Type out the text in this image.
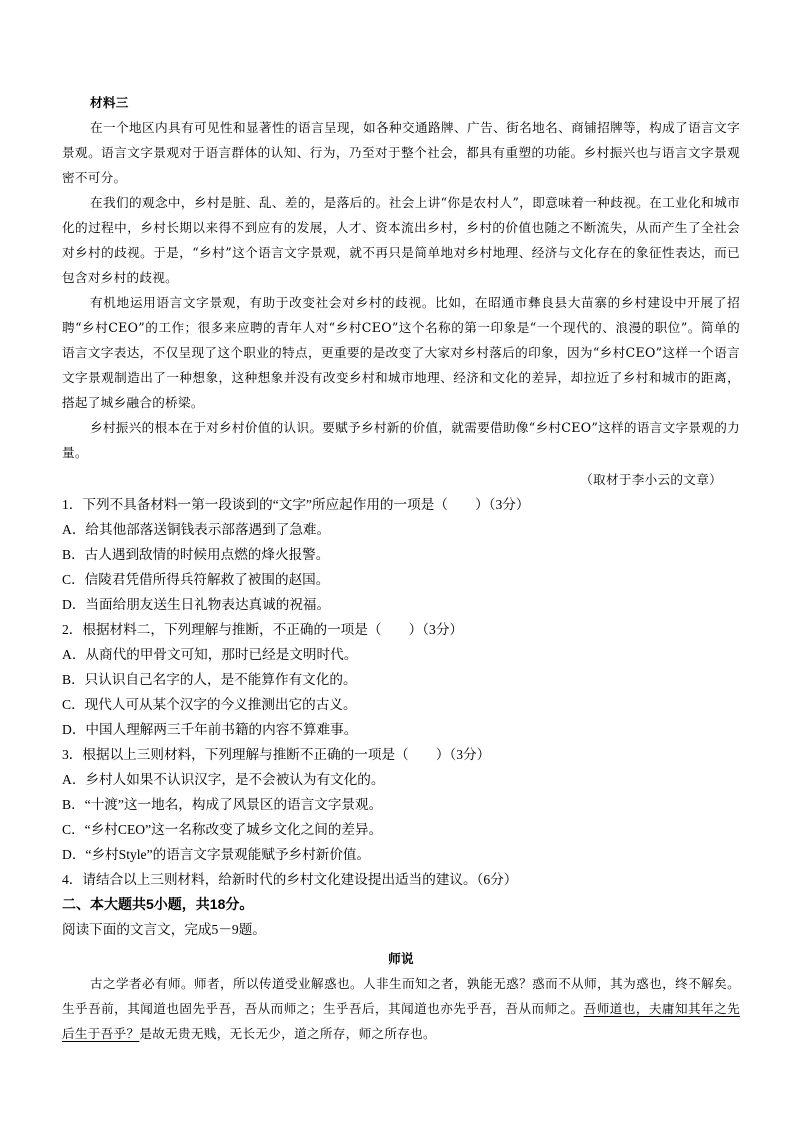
材料三

在一个地区内具有可见性和显著性的语言呈现，如各种交通路牌、广告、街名地名、商铺招牌等，构成了语言文字景观。语言文字景观对于语言群体的认知、行为，乃至对于整个社会，都具有重塑的功能。乡村振兴也与语言文字景观密不可分。

在我们的观念中，乡村是脏、乱、差的，是落后的。社会上讲“你是农村人”，即意味着一种歧视。在工业化和城市化的过程中，乡村长期以来得不到应有的发展，人才、资本流出乡村，乡村的价值也随之不断流失，从而产生了全社会对乡村的歧视。于是，“乡村”这个语言文字景观，就不再只是简单地对乡村地理、经济与文化存在的象征性表达，而已包含对乡村的歧视。

有机地运用语言文字景观，有助于改变社会对乡村的歧视。比如，在昭通市彝良县大苗寨的乡村建设中开展了招聘“乡村CEO”的工作；很多来应聘的青年人对“乡村CEO”这个名称的第一印象是“一个现代的、浪漫的职位”。简单的语言文字表达，不仅呈现了这个职业的特点，更重要的是改变了大家对乡村落后的印象，因为“乡村CEO”这样一个语言文字景观制造出了一种想象，这种想象并没有改变乡村和城市地理、经济和文化的差异，却拉近了乡村和城市的距离，搭起了城乡融合的桥梁。

乡村振兴的根本在于对乡村价值的认识。要赋予乡村新的价值，就需要借助像“乡村CEO”这样的语言文字景观的力量。

（取材于李小云的文章）

1．下列不具备材料一第一段谈到的“文字”所应起作用的一项是（　　）（3分）

A．给其他部落送铜钱表示部落遇到了急难。

B．古人遇到敌情的时候用点燃的烽火报警。

C．信陵君凭借所得兵符解救了被围的赵国。

D．当面给朋友送生日礼物表达真诚的祝福。

2．根据材料二，下列理解与推断，不正确的一项是（　　）（3分）

A．从商代的甲骨文可知，那时已经是文明时代。

B．只认识自己名字的人，是不能算作有文化的。

C．现代人可从某个汉字的今义推测出它的古义。

D．中国人理解两三千年前书籍的内容不算难事。

3．根据以上三则材料，下列理解与推断不正确的一项是（　　）（3分）

A．乡村人如果不认识汉字，是不会被认为有文化的。

B．“十渡”这一地名，构成了风景区的语言文字景观。

C．“乡村CEO”这一名称改变了城乡文化之间的差异。

D．“乡村Style”的语言文字景观能赋予乡村新价值。

4．请结合以上三则材料，给新时代的乡村文化建设提出适当的建议。（6分）

二、本大题共5小题，共18分。

阅读下面的文言文，完成5－9题。

师说

古之学者必有师。师者，所以传道受业解惑也。人非生而知之者，孰能无惑？惑而不从师，其为惑也，终不解矣。生乎吾前，其闻道也固先乎吾，吾从而师之；生乎吾后，其闻道也亦先乎吾，吾从而师之。吾师道也，夫庸知其年之先后生于吾乎？是故无贵无贱，无长无少，道之所存，师之所存也。
